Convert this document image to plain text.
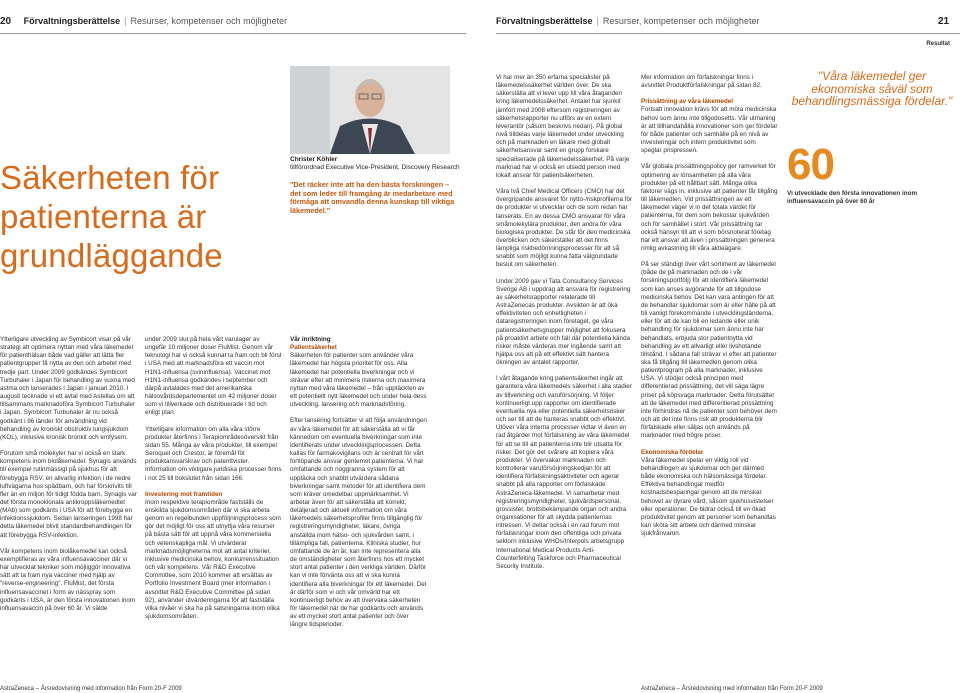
20 Förvaltningsberättelse | Resurser, kompetenser och möjligheter	Förvaltningsberättelse | Resurser, kompetenser och möjligheter	21
Resultat
Säkerheten för patienterna är grundläggande

Ytterligare utveckling av Symbicort visar på vår strategi att optimera nyttan med våra läkemedel för patienthälsan både vad gäller att lätta fler patientgrupper få nytta av den och arbetet med tredje part. Under 2009 godkändes Symbicort Turbuhaler i Japan för behandling av vuxna med astma och lanserades i Japan i januari 2010. I augusti tecknade vi ett avtal med Astellas om att tillsammans marknadsföra Symbicort Turbuhaler i Japan. Symbicort Turbuhaler är nu också godkänt i 96 länder för användning vid behandling av kroniskt obstruktiv lungsjukdom (KOL), inklusive kronisk bronkit och emfysem.

Förutom små molekyler har vi också en stark kompetens inom biolåkemedel. Synagis används till exempel rutinmässigt på sjukhus för att förebygga RSV, en allvarlig infektion i de nedre luftvägarna hos spädbarn, och har förskrivits till fler än en miljon för tidigt födda barn. Synagis var det första monoklonala antikroppsläkemedlet (MAb) som godkänts i USA för att förebygga en infektionssjukdom. Sedan lanseringen 1998 har detta läkemedel blivit standardbehandlingen för att förebygga RSV-infektion.

Vår kompetens inom biolåkemedel kan också exemplifieras av våra influensavacciner där vi har utvecklat tekniker som möjliggör innovativa sätt att ta fram nya vacciner med hjälp av "reverse-engineering". FluMist, det första influensavaccinet i form av nässpray som godkänts i USA, är den första innovationen inom influensavaccin på över 60 år. Vi sälde

Christer Köhler
tillförordnad Executive Vice-President, Discovery Research
"Det räcker inte att ha den bästa forskningen – det som leder till framgång är medarbetare med förmåga att omvandla denna kunskap till viktiga läkemedel."

under 2009 slut på hela vårt varulager av ungefär 10 miljoner doser FluMist. Genom vår teknologi har vi också kunnat ta fram och bli först i USA med att marknadsföra ett vaccin mot H1N1-influensa (svininfluensa). Vaccinet mot H1N1-influensa godkändes i september och därpå avtalades med det amerikanska hälsovårdsdepartementet om 42 miljoner doser som vi tillverkade och distribuerade i tid och enligt plan.

Ytterligare information om alla våra större produkter återfinns i Terapiområdesöversikt från sidan 55. Många av våra produkter, till exempel Seroquel och Crestor, är föremål för produktansvarskrav och patenttvister. Information om viktigare juridiska processer finns i not 25 till bokslutet från sidan 166.

Investering mot framtiden

Inom respektive terapiområde fastställs de enskilda sjukdomsområden där vi ska arbeta genom en regelbunden uppföljningsprocess som gör det möjligt för oss att utnyttja våra resurser på bästa sätt för att uppnå våra kommersiella och vetenskapliga mål. Vi utvärderar marknadsmöjligheterna mot att antal kriterier, inklusive medicinska behov, konkurrenssituation och vår kompetens. Vår R&D Executive Committee, som 2010 kommer att ersättas av Portfolio Investment Board (mer information i avsnittet R&D Executive Committee på sidan 92), använder utvärderingarna för att fastställa vilka nivåer vi ska ha på satsningarna inom olika sjukdomsområden.

Vår inriktning
Patientsäkerhet

Säkerheten för patienter som använder våra läkemedel har högsta prioritet för oss. Alla läkemedel har potentiella biverkningar och vi strävar efter att minimera riskerna och maximera nyttan med våra läkemedel – från upptäckten av ett potentiellt nytt läkemedel och under hela dess utveckling, lansering och marknadsföring.

Efter lansering fortsätter vi att följa användningen av våra läkemedel för att säkerställa att vi får kännedom om eventuella biverkningar som inte identifierats under utvecklingsprocessen. Detta kallas för farmakovigilans och är centralt för vårt fortlöpande ansvar gentemot patienterna. Vi har omfattande och noggranna system för att upptäcka och snabbt utvärdera sådana biverkningar samt metoder för att identifiera dem som kräver omedelbar uppmärksamhet. Vi arbetar även för att säkerställa att korrekt, detaljerad och aktuell information om våra läkemedels säkerhetsprofiler finns tillgänglig för registreringsmyndigheter, läkare, övriga anställda inom hälso- och sjukvården samt, i tillämpliga fall, patienterna. Kliniska studier, hur omfattande de än är, kan inte representera alla de omständigheter som återfinns hos ett mycket stort antal patienter i den verkliga världen. Därför kan vi inte förvänta oss att vi ska kunna identifiera alla biverkningar för ett läkemedel. Det är därför som vi och vår omvärld har ett kontinuerligt behov av att övervaka säkerheten för läkemedel när de har godkänts och används av ett mycket stort antal patienter och över längre tidsperioder.

Vi har mer än 350 erfarna specialister på läkemedelssäkerhet världen över. De ska säkerställa att vi lever upp till våra åtaganden kring läkemedelssäkerhet. Antalet har sjunkit jämfört med 2008 eftersom registreringen av säkerhetsrapporter nu utförs av en extern leverantör (såsom beskrivs nedan). På global nivå tilldelas varje läkemedel under utveckling och på marknaden en läkare med globalt säkerhetsansvar samt en grupp forskare specialiserade på läkemedelssäkerhet. På varje marknad har vi också en utsedd person med lokalt ansvar för patientsäkerheten.

Våra två Chief Medical Officers (CMO) har det övergripande ansvaret för nytto-/riskprofilerna för de produkter vi utvecklar och de som redan har lanserats. En av dessa CMO ansvarar för våra småmolekylära produkter, den andra för våra biologiska produkter. De står för den medicinska överblicken och säkerställer att det finns lämpliga riskbedömningsprocesser för att så snabbt som möjligt kunna fatta välgrundade beslut om säkerheten.

Under 2009 gav vi Tata Consultancy Services Sverige AB i uppdrag att ansvara för registrering av säkerhetsrapporter relaterade till AstraZenecas produkter. Avsikten är att öka effektiviteten och enhetligheten i dataregistreringen inom företaget, ge våra patientsäkerhetsgrupper möjlighet att fokusera på proaktivt arbete och fall där potentiella kända risker måste värderas mer ingående samt att hjälpa oss att på ett effektivt sätt hantera ökningen av antalet rapporter.

I vårt åtagande kring patientsäkerhet ingår att garantera våra läkemedels säkerhet i alla stadier av tillverkning och varuförsörjning. Vi följer kontinuerligt upp rapporter om identifierade eventuella nya eller potentiella säkerhetsrisker och ser till att de hanteras snabbt och effektivt. Utöver våra interna processer vidtar vi även en rad åtgärder mot förfalskning av våra läkemedel för att se till att patienterna inte blir utsatta för risker. Det gör det svårare att kopiera våra produkter. Vi övervakar marknaden och kontrollerar varuförsörjningskedjan för att identifiera förfalskningsaktiviteter och agerar snabbt på alla rapporter om förfalskade AstraZeneca-läkemedel. Vi samarbetar med registreringsmyndigheter, sjukvårdspersonal, grossister, brottsbekämpande organ och andra organisationer för att skydda patienternas intressen. Vi deltar också i en rad forum mot förfalskningar inom den offentliga och privata sektorn inklusive WHOs/Interpols arbetsgrupp International Medical Products Anti-Counterfeiting Taskforce och Pharmaceutical Security Institute.

Mer information om förfalskningar finns i avsnittet Produktförfalskningar på sidan 82.

Prissättning av våra läkemedel

Fortsatt innovation krävs för att möta medicinska behov som ännu inte tillgodosetts. Vår utmaning är att tillhandahålla innovationer som ger fördelar för både patienter och samhälle på en nivå av investeringar och intern produktivitet som speglar prispressen.

Vår globala prissättningspolicy ger ramverket för optimering av lönsamheten på alla våra produkter på ett hållbart sätt. Många olika faktorer vägs in, inklusive att patienter får tillgång till läkemedlen. Vid prissättningen av ett läkemedel väger vi in det totala värdet för patienterna, för dem som bekostar sjukvården och för samhället i stort. Vår prissättning tar också hänsyn till att vi som börsnoterat företag har ett ansvar att även i prissättningen generera rimlig avkastning till våra aktieägare.

På ser ständigt över vårt sortiment av läkemedel (både de på marknaden och de i vår forskningsportfölj) för att identifiera läkemedel som kan anses avgörande för att tillgodose medicinska behov. Det kan vara antingen för att de behandlar sjukdomar som är eller hälle på att bli vanligt förekommande i utvecklingsländerna, eller för att de kan bli en ledande eller unik behandling för sjukdomar som ännu inte har behandlats, erbjuda stor patientnytta vid behandling av ett allvarligt eller livshotande tillstånd. I sådana fall strävar vi efter att patienter ska få tillgång till läkemedlen genom olika patientprogram på alla marknader, inklusive USA. Vi stödjer också principen med differentierad prissättning, det vill säga lägre priser på köpsvaga marknader. Detta förutsätter att de läkemedel med differentierad prissättning inte förhindras nå de patienter som behöver dem och att det inte finns risk att produkterna blir förfalskade eller säljas och används på marknader med högre priser.

Ekonomiska fördelar

Våra läkemedel spelar en viktig roll vid behandlingen av sjukdomar och ger därmed både ekonomiska och hälsomässiga fördelar. Effektiva behandlingar medför kostnadsbesparingar genom att de minskar behovet av dyrare vård, såsom sjukhusvistelser eller operationer. De bidrar också till en ökad produktivitet genom att personer som behandlas kan sköta sitt arbete och därmed minskar sjukfrånvaron.

"Våra läkemedel ger ekonomiska såväl som behandlingsmässiga fördelar."
60
Vi utvecklade den första innovationen inom influensavaccin på över 60 år
AstraZeneca – Årsredovisning med information från Form 20-F 2009	AstraZeneca – Årsredovisning med information från Form 20-F 2009
